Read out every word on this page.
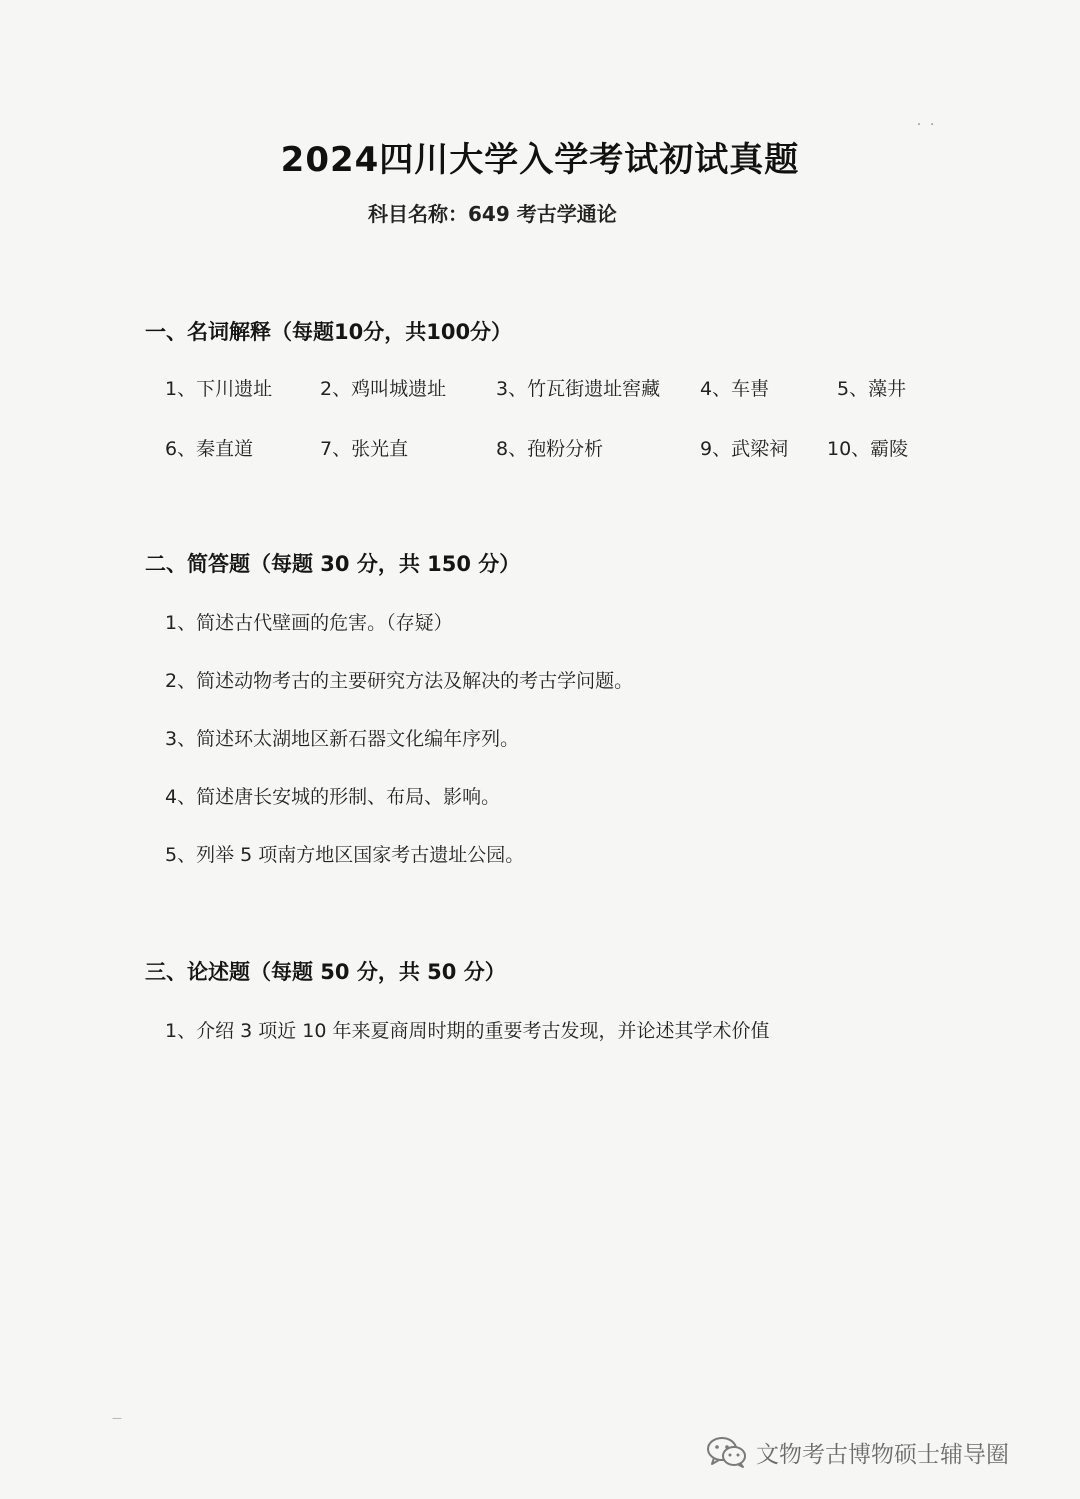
・ ・
2024四川大学入学考试初试真题
科目名称：649 考古学通论
一、名词解释（每题10分，共100分）
1、下川遗址	2、鸡叫城遗址	3、竹瓦街遗址窖藏 4、车軎	5、藻井
6、秦直道	7、张光直	8、孢粉分析	9、武梁祠 10、霸陵
二、简答题（每题 30 分，共 150 分）
1、简述古代壁画的危害。（存疑）
2、简述动物考古的主要研究方法及解决的考古学问题。
3、简述环太湖地区新石器文化编年序列。
4、简述唐长安城的形制、布局、影响。
5、列举 5 项南方地区国家考古遗址公园。
三、论述题（每题 50 分，共 50 分）
1、介绍 3 项近 10 年来夏商周时期的重要考古发现，并论述其学术价值
—
文物考古博物硕士辅导圈
